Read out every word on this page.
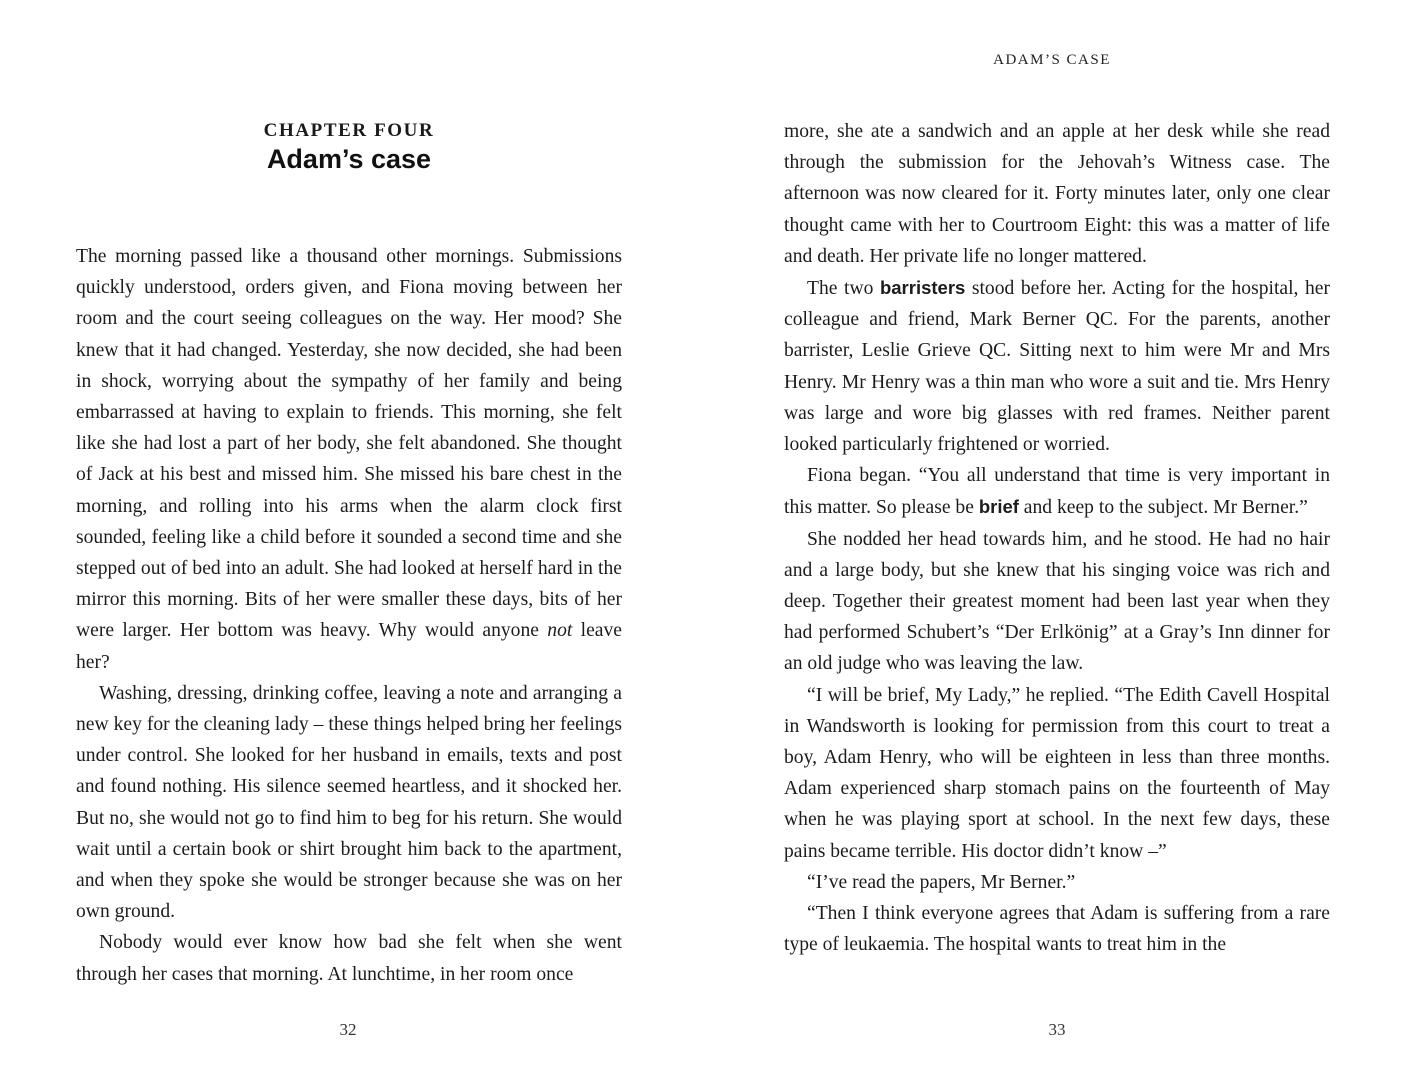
CHAPTER FOUR
Adam’s case

The morning passed like a thousand other mornings. Submissions quickly understood, orders given, and Fiona moving between her room and the court seeing colleagues on the way. Her mood? She knew that it had changed. Yesterday, she now decided, she had been in shock, worrying about the sympathy of her family and being embarrassed at having to explain to friends. This morning, she felt like she had lost a part of her body, she felt abandoned. She thought of Jack at his best and missed him. She missed his bare chest in the morning, and rolling into his arms when the alarm clock first sounded, feeling like a child before it sounded a second time and she stepped out of bed into an adult. She had looked at herself hard in the mirror this morning. Bits of her were smaller these days, bits of her were larger. Her bottom was heavy. Why would anyone not leave her?

Washing, dressing, drinking coffee, leaving a note and arranging a new key for the cleaning lady – these things helped bring her feelings under control. She looked for her husband in emails, texts and post and found nothing. His silence seemed heartless, and it shocked her. But no, she would not go to find him to beg for his return. She would wait until a certain book or shirt brought him back to the apartment, and when they spoke she would be stronger because she was on her own ground.

Nobody would ever know how bad she felt when she went through her cases that morning. At lunchtime, in her room once

32
ADAM’S CASE

more, she ate a sandwich and an apple at her desk while she read through the submission for the Jehovah’s Witness case. The afternoon was now cleared for it. Forty minutes later, only one clear thought came with her to Courtroom Eight: this was a matter of life and death. Her private life no longer mattered.

The two barristers stood before her. Acting for the hospital, her colleague and friend, Mark Berner QC. For the parents, another barrister, Leslie Grieve QC. Sitting next to him were Mr and Mrs Henry. Mr Henry was a thin man who wore a suit and tie. Mrs Henry was large and wore big glasses with red frames. Neither parent looked particularly frightened or worried.

Fiona began. “You all understand that time is very important in this matter. So please be brief and keep to the subject. Mr Berner.”

She nodded her head towards him, and he stood. He had no hair and a large body, but she knew that his singing voice was rich and deep. Together their greatest moment had been last year when they had performed Schubert’s “Der Erlkönig” at a Gray’s Inn dinner for an old judge who was leaving the law.

“I will be brief, My Lady,” he replied. “The Edith Cavell Hospital in Wandsworth is looking for permission from this court to treat a boy, Adam Henry, who will be eighteen in less than three months. Adam experienced sharp stomach pains on the fourteenth of May when he was playing sport at school. In the next few days, these pains became terrible. His doctor didn’t know –”

“I’ve read the papers, Mr Berner.”

“Then I think everyone agrees that Adam is suffering from a rare type of leukaemia. The hospital wants to treat him in the

33
